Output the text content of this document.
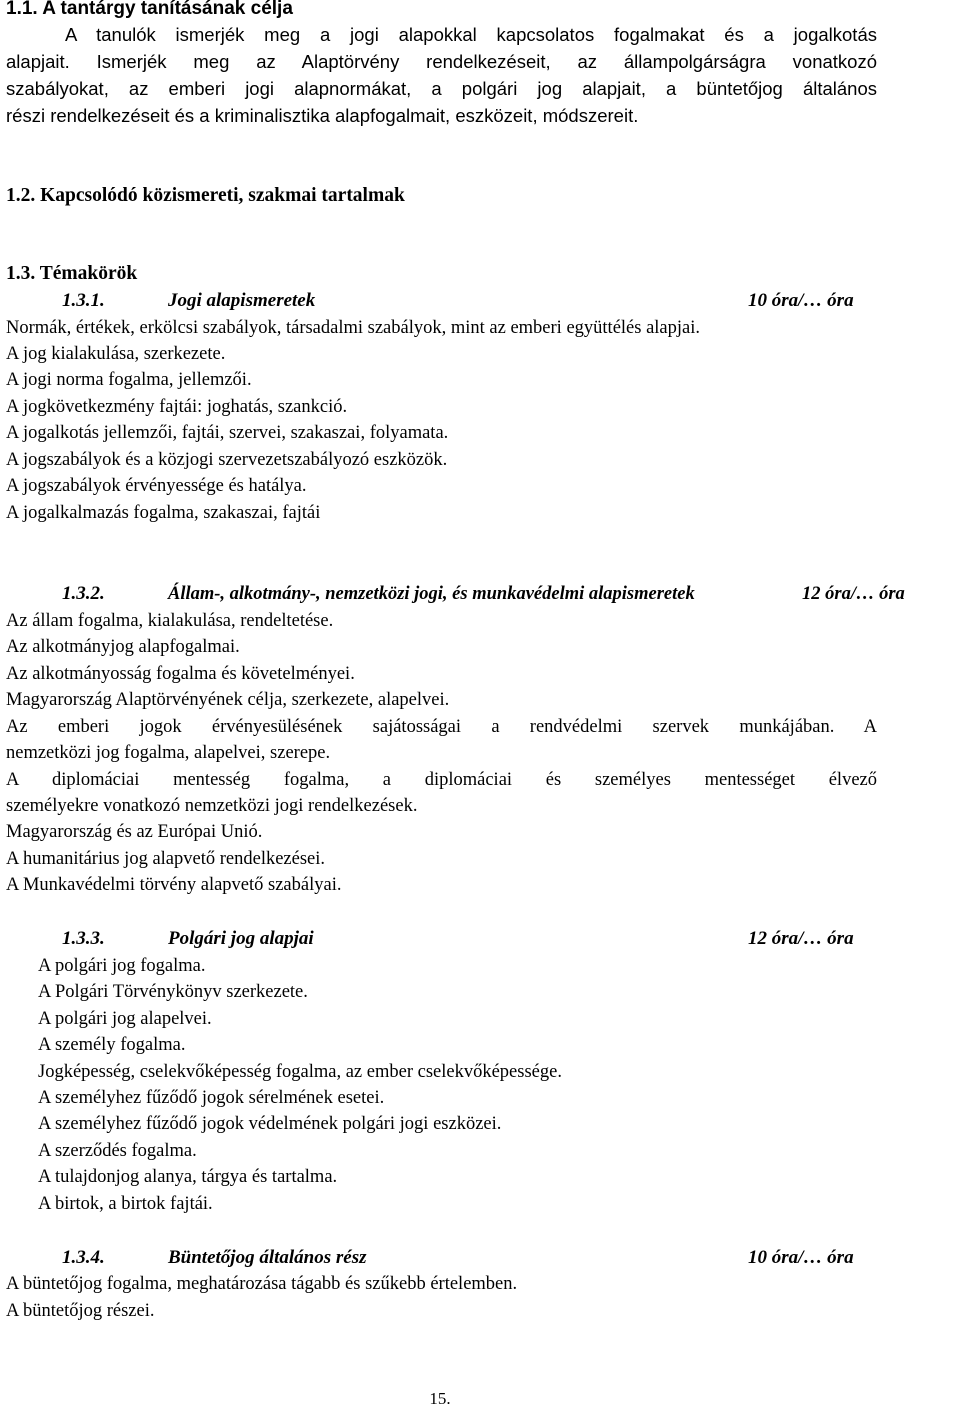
1.1. A tantárgy tanításának célja
A tanulók ismerjék meg a jogi alapokkal kapcsolatos fogalmakat és a jogalkotás
alapjait. Ismerjék meg az Alaptörvény rendelkezéseit, az állampolgárságra vonatkozó
szabályokat, az emberi jogi alapnormákat, a polgári jog alapjait, a büntetőjog általános
részi rendelkezéseit és a kriminalisztika alapfogalmait, eszközeit, módszereit.
1.2. Kapcsolódó közismereti, szakmai tartalmak
1.3. Témakörök
1.3.1.	Jogi alapismeretek	10 óra/… óra
Normák, értékek, erkölcsi szabályok, társadalmi szabályok, mint az emberi együttélés alapjai.
A jog kialakulása, szerkezete.
A jogi norma fogalma, jellemzői.
A jogkövetkezmény fajtái: joghatás, szankció.
A jogalkotás jellemzői, fajtái, szervei, szakaszai, folyamata.
A jogszabályok és a közjogi szervezetszabályozó eszközök.
A jogszabályok érvényessége és hatálya.
A jogalkalmazás fogalma, szakaszai, fajtái
1.3.2.	Állam-, alkotmány-, nemzetközi jogi, és munkavédelmi alapismeretek	12 óra/… óra
Az állam fogalma, kialakulása, rendeltetése.
Az alkotmányjog alapfogalmai.
Az alkotmányosság fogalma és követelményei.
Magyarország Alaptörvényének célja, szerkezete, alapelvei.
Az emberi jogok érvényesülésének sajátosságai a rendvédelmi szervek munkájában. A
nemzetközi jog fogalma, alapelvei, szerepe.
A diplomáciai mentesség fogalma, a diplomáciai és személyes mentességet élvező
személyekre vonatkozó nemzetközi jogi rendelkezések.
Magyarország és az Európai Unió.
A humanitárius jog alapvető rendelkezései.
A Munkavédelmi törvény alapvető szabályai.
1.3.3.	Polgári jog alapjai	12 óra/… óra
A polgári jog fogalma.
A Polgári Törvénykönyv szerkezete.
A polgári jog alapelvei.
A személy fogalma.
Jogképesség, cselekvőképesség fogalma, az ember cselekvőképessége.
A személyhez fűződő jogok sérelmének esetei.
A személyhez fűződő jogok védelmének polgári jogi eszközei.
A szerződés fogalma.
A tulajdonjog alanya, tárgya és tartalma.
A birtok, a birtok fajtái.
1.3.4.	Büntetőjog általános rész	10 óra/… óra
A büntetőjog fogalma, meghatározása tágabb és szűkebb értelemben.
A büntetőjog részei.
15.
